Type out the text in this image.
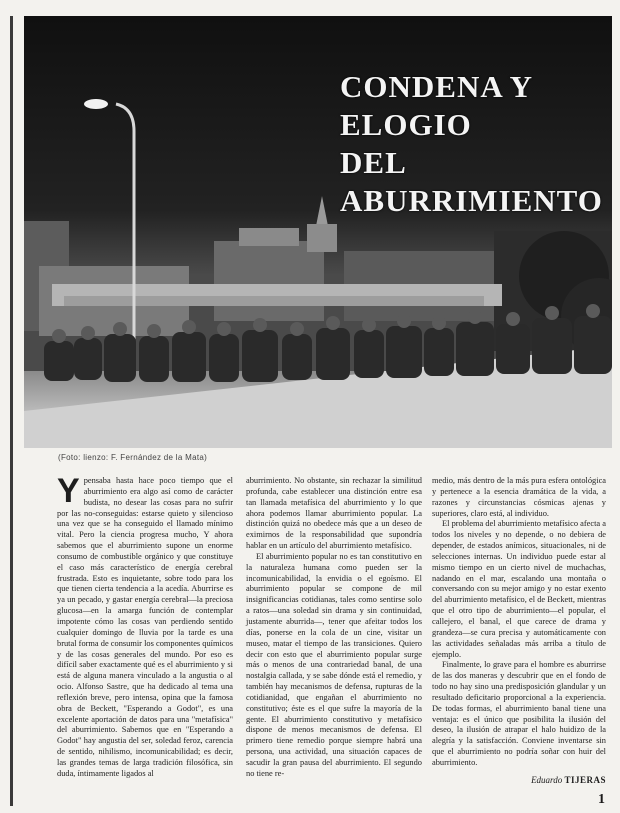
CONDENA Y ELOGIO
DEL ABURRIMIENTO
(Foto: lienzo: F. Fernández de la Mata)

Ypensaba hasta hace poco tiempo que el aburrimiento era algo así como de carácter budista, no desear las cosas para no sufrir por las no-conseguidas: estarse quieto y silencioso una vez que se ha conseguido el llamado mínimo vital. Pero la ciencia progresa mucho, Y ahora sabemos que el aburrimiento supone un enorme consumo de combustible orgánico y que constituye el caso más característico de energía cerebral frustrada. Esto es inquietante, sobre todo para los que tienen cierta tendencia a la acedía. Aburrirse es ya un pecado, y gastar energía cerebral—la preciosa glucosa—en la amarga función de contemplar impotente cómo las cosas van perdiendo sentido cualquier domingo de lluvia por la tarde es una brutal forma de consumir los componentes químicos y de las cosas generales del mundo. Por eso es difícil saber exactamente qué es el aburrimiento y si está de alguna manera vinculado a la angustia o al ocio. Alfonso Sastre, que ha dedicado al tema una reflexión breve, pero intensa, opina que la famosa obra de Beckett, "Esperando a Godot", es una excelente aportación de datos para una "metafísica" del aburrimiento. Sabemos que en "Esperando a Godot" hay angustia del ser, soledad feroz, carencia de sentido, nihilismo, incomunicabilidad; es decir, las grandes temas de larga tradición filosófica, sin duda, íntimamente ligados al

aburrimiento. No obstante, sin rechazar la similitud profunda, cabe establecer una distinción entre esa tan llamada metafísica del aburrimiento y lo que ahora podemos llamar aburrimiento popular. La distinción quizá no obedece más que a un deseo de eximirnos de la responsabilidad que supondría hablar en un artículo del aburrimiento metafísico.

El aburrimiento popular no es tan constitutivo en la naturaleza humana como pueden ser la incomunicabilidad, la envidia o el egoísmo. El aburrimiento popular se compone de mil insignificancias cotidianas, tales como sentirse solo a ratos—una soledad sin drama y sin continuidad, justamente aburrida—, tener que afeitar todos los días, ponerse en la cola de un cine, visitar un museo, matar el tiempo de las transiciones. Quiero decir con esto que el aburrimiento popular surge más o menos de una contrariedad banal, de una nostalgia callada, y se sabe dónde está el remedio, y también hay mecanismos de defensa, rupturas de la cotidianidad, que engañan el aburrimiento no constitutivo; éste es el que sufre la mayoría de la gente. El aburrimiento constitutivo y metafísico dispone de menos mecanismos de defensa. El primero tiene remedio porque siempre habrá una persona, una actividad, una situación capaces de sacudir la gran pausa del aburrimiento. El segundo no tiene re-

medio, más dentro de la más pura esfera ontológica y pertenece a la esencia dramática de la vida, a razones y circunstancias cósmicas ajenas y superiores, claro está, al individuo.

El problema del aburrimiento metafísico afecta a todos los niveles y no depende, o no debiera de depender, de estados anímicos, situacionales, ni de selecciones internas. Un individuo puede estar al mismo tiempo en un cierto nivel de muchachas, nadando en el mar, escalando una montaña o conversando con su mejor amigo y no estar exento del aburrimiento metafísico, el de Beckett, mientras que el otro tipo de aburrimiento—el popular, el callejero, el banal, el que carece de drama y grandeza—se cura precisa y automáticamente con las actividades señaladas más arriba a título de ejemplo.

Finalmente, lo grave para el hombre es aburrirse de las dos maneras y descubrir que en el fondo de todo no hay sino una predisposición glandular y un resultado deficitario proporcional a la experiencia. De todas formas, el aburrimiento banal tiene una ventaja: es el único que posibilita la ilusión del deseo, la ilusión de atrapar el halo huidizo de la alegría y la satisfacción. Conviene inventarse sin que el aburrimiento no podría soñar con huir del aburrimiento.

Eduardo TIJERAS
1
